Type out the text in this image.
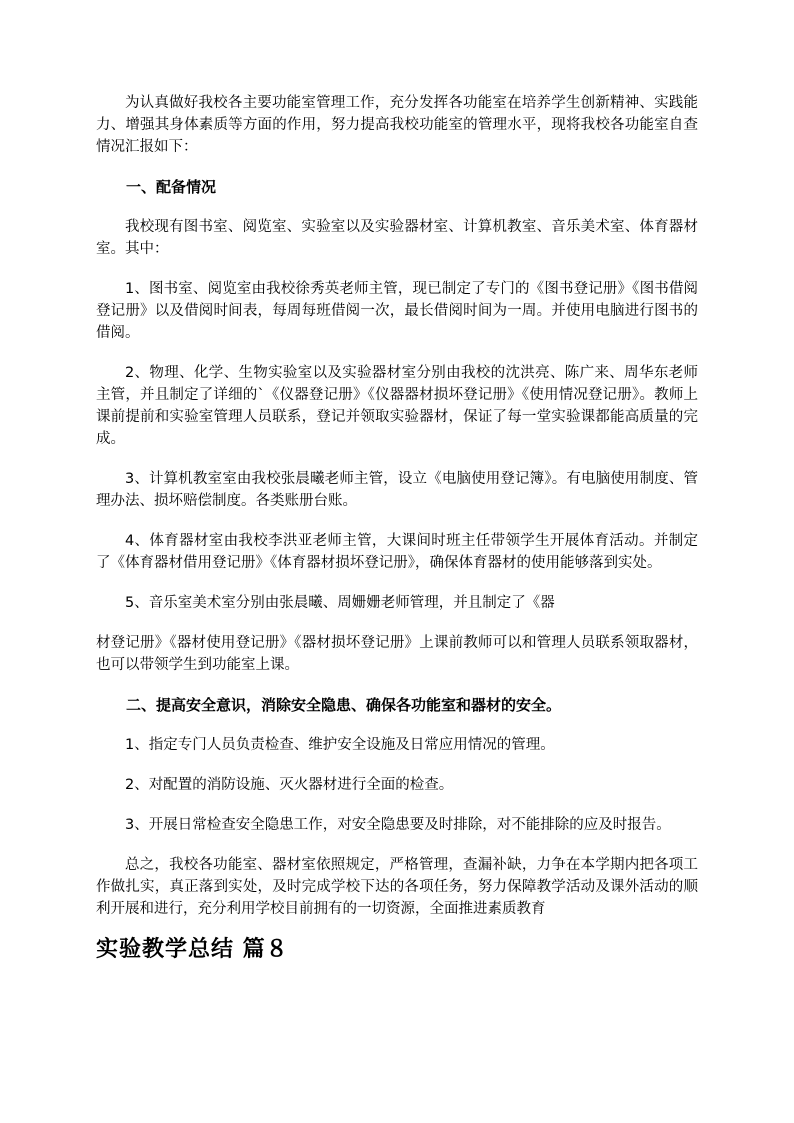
为认真做好我校各主要功能室管理工作，充分发挥各功能室在培养学生创新精神、实践能力、增强其身体素质等方面的作用，努力提高我校功能室的管理水平，现将我校各功能室自查情况汇报如下：

一、配备情况

我校现有图书室、阅览室、实验室以及实验器材室、计算机教室、音乐美术室、体育器材室。其中：

1、图书室、阅览室由我校徐秀英老师主管，现已制定了专门的《图书登记册》《图书借阅登记册》以及借阅时间表，每周每班借阅一次，最长借阅时间为一周。并使用电脑进行图书的借阅。

2、物理、化学、生物实验室以及实验器材室分别由我校的沈洪亮、陈广来、周华东老师主管，并且制定了详细的`《仪器登记册》《仪器器材损坏登记册》《使用情况登记册》。教师上课前提前和实验室管理人员联系，登记并领取实验器材，保证了每一堂实验课都能高质量的完成。

3、计算机教室室由我校张晨曦老师主管，设立《电脑使用登记簿》。有电脑使用制度、管理办法、损坏赔偿制度。各类账册台账。

4、体育器材室由我校李洪亚老师主管，大课间时班主任带领学生开展体育活动。并制定了《体育器材借用登记册》《体育器材损坏登记册》，确保体育器材的使用能够落到实处。

5、音乐室美术室分别由张晨曦、周姗姗老师管理，并且制定了《器

材登记册》《器材使用登记册》《器材损坏登记册》上课前教师可以和管理人员联系领取器材，也可以带领学生到功能室上课。

二、提高安全意识，消除安全隐患、确保各功能室和器材的安全。

1、指定专门人员负责检查、维护安全设施及日常应用情况的管理。

2、对配置的消防设施、灭火器材进行全面的检查。

3、开展日常检查安全隐患工作，对安全隐患要及时排除，对不能排除的应及时报告。

总之，我校各功能室、器材室依照规定，严格管理，查漏补缺，力争在本学期内把各项工作做扎实，真正落到实处，及时完成学校下达的各项任务，努力保障教学活动及课外活动的顺利开展和进行，充分利用学校目前拥有的一切资源，全面推进素质教育

实验教学总结 篇８
